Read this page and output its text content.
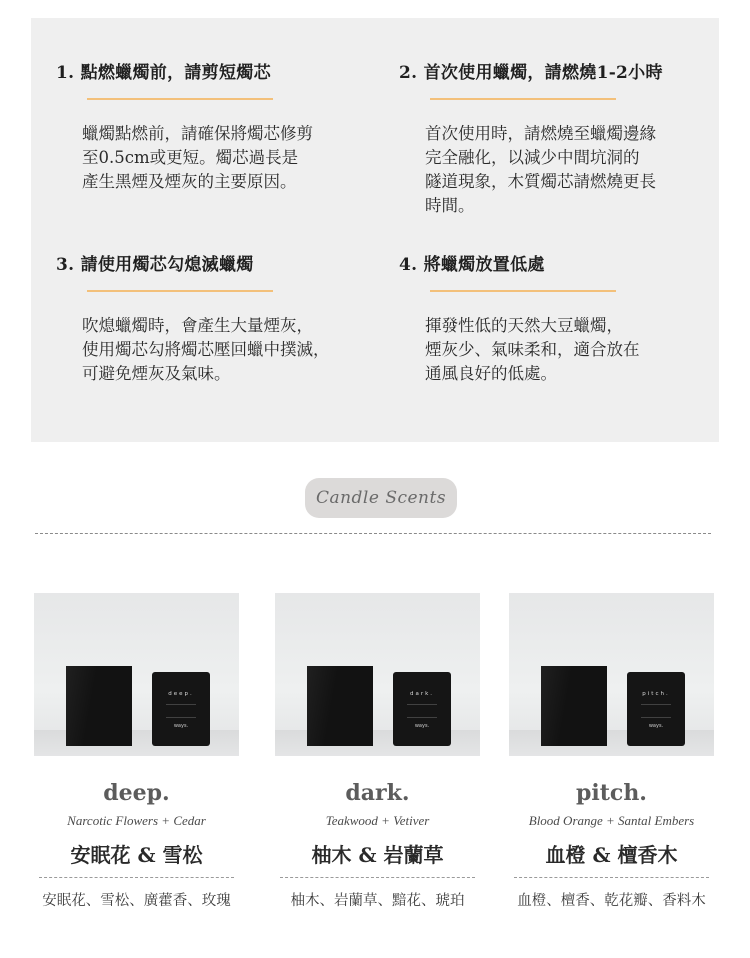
1. 點燃蠟燭前，請剪短燭芯
蠟燭點燃前，請確保將燭芯修剪
至0.5cm或更短。燭芯過長是
產生黑煙及煙灰的主要原因。
2. 首次使用蠟燭，請燃燒1-2小時
首次使用時，請燃燒至蠟燭邊緣
完全融化，以減少中間坑洞的
隧道現象，木質燭芯請燃燒更長
時間。
3. 請使用燭芯勾熄滅蠟燭
吹熄蠟燭時，會產生大量煙灰，
使用燭芯勾將燭芯壓回蠟中撲滅，
可避免煙灰及氣味。
4. 將蠟燭放置低處
揮發性低的天然大豆蠟燭，
煙灰少、氣味柔和，適合放在
通風良好的低處。
Candle Scents
deep.
ways.
deep.
Narcotic Flowers + Cedar
安眠花 & 雪松
安眠花、雪松、廣藿香、玫瑰
dark.
ways.
dark.
Teakwood + Vetiver
柚木 & 岩蘭草
柚木、岩蘭草、黯花、琥珀
pitch.
ways.
pitch.
Blood Orange + Santal Embers
血橙 & 檀香木
血橙、檀香、乾花瓣、香料木
